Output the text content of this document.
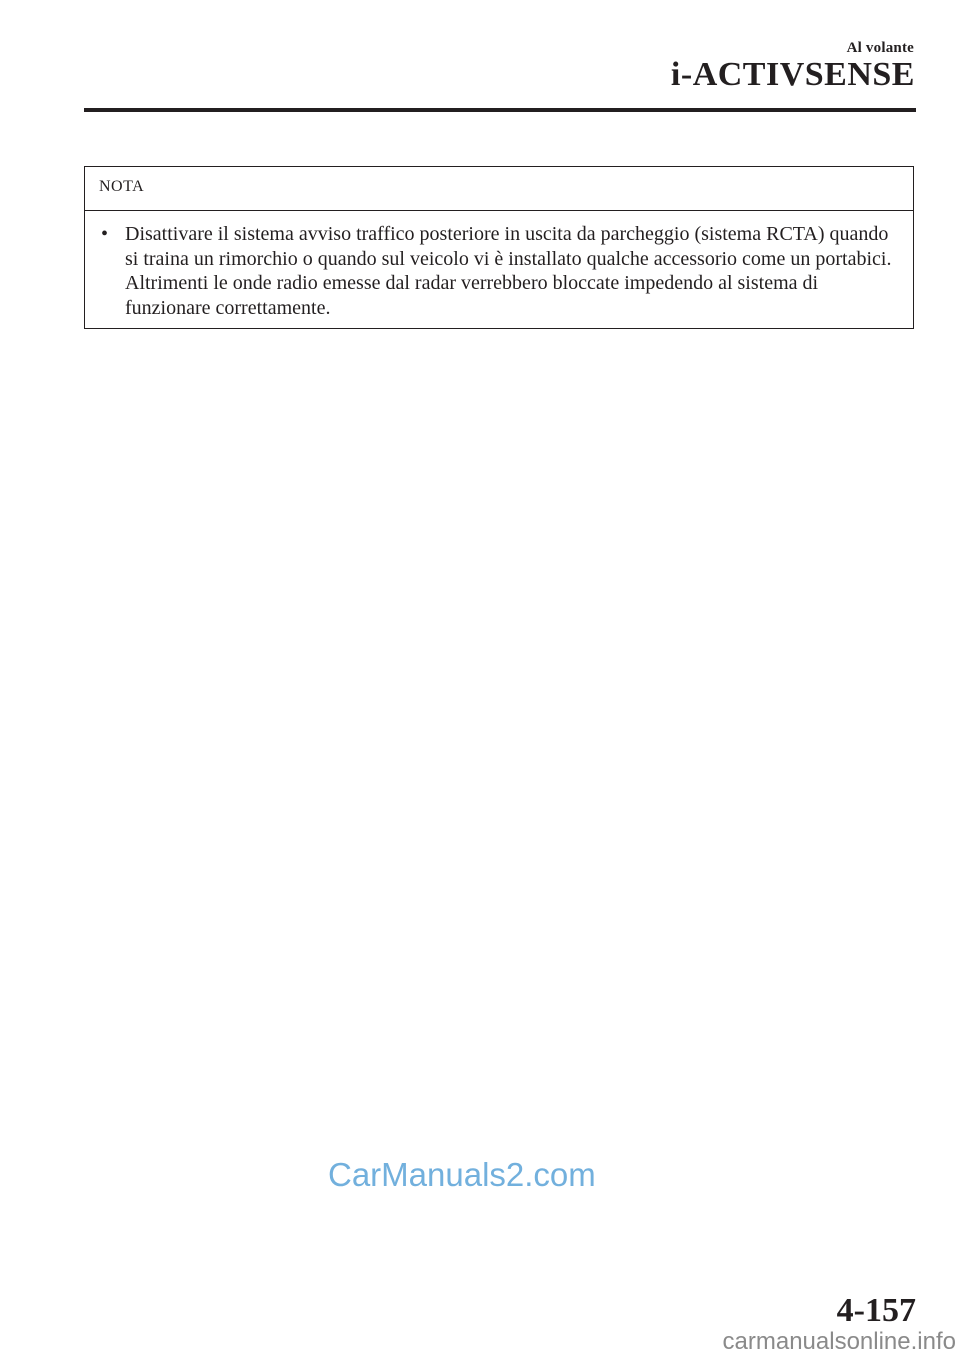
Al volante
i-ACTIVSENSE
NOTA
• Disattivare il sistema avviso traffico posteriore in uscita da parcheggio (sistema RCTA) quando si traina un rimorchio o quando sul veicolo vi è installato qualche accessorio come un portabici. Altrimenti le onde radio emesse dal radar verrebbero bloccate impedendo al sistema di funzionare correttamente.
CarManuals2.com
4-157
carmanualsonline.info
